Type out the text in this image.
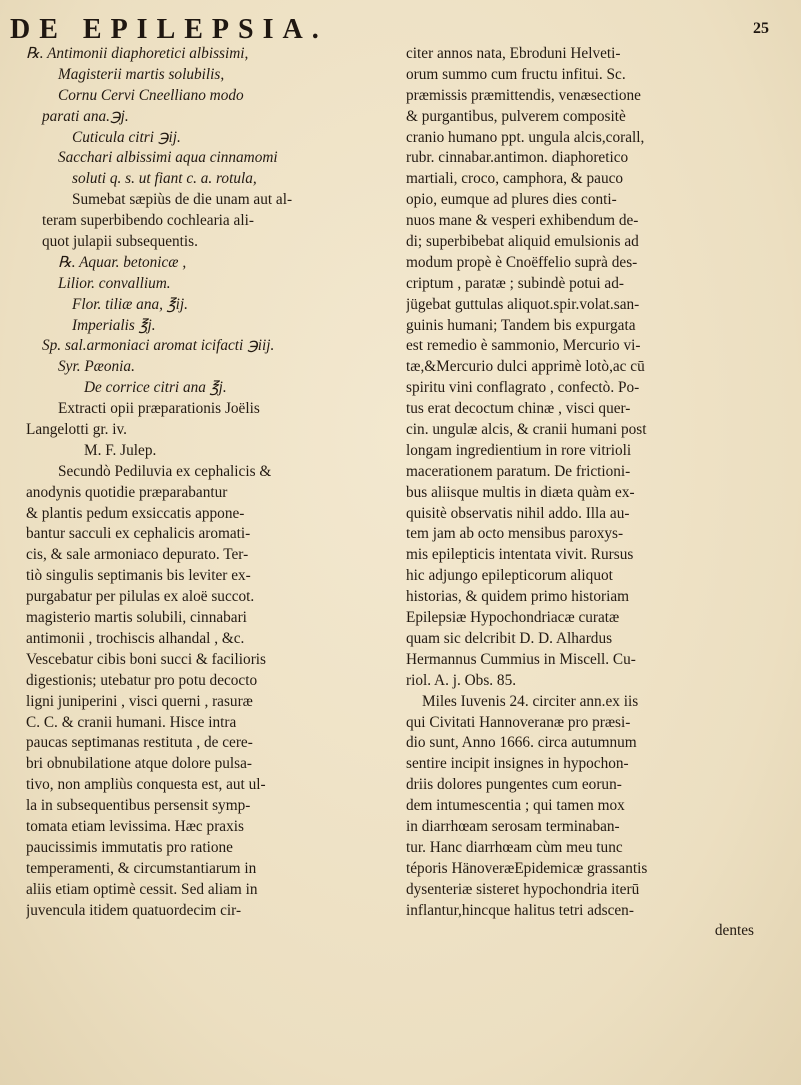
DE EPILEPSIA.	25
℞. Antimonii diaphoretici albissimi,
Magisterii martis solubilis,
Cornu Cervi Cneelliano modo
parati ana.℈j.
Cuticula citri ℈ij.
Sacchari albissimi aqua cinnamomi
soluti q. s. ut fiant c. a. rotula,
Sumebat sæpiùs de die unam aut al-
teram superbibendo cochlearia ali-
quot julapii subsequentis.
℞. Aquar. betonicæ ,
Lilior. convallium.
Flor. tiliæ ana, ℥ij.
Imperialis ℥j.
Sp. sal.armoniaci aromat icifacti ℈iij.
Syr. Pæonia.
De corrice citri ana ℥j.
Extracti opii præparationis Joëlis
Langelotti gr. iv.
M. F. Julep.
Secundò Pediluvia ex cephalicis &
anodynis quotidie præparabantur
& plantis pedum exsiccatis appone-
bantur sacculi ex cephalicis aromati-
cis, & sale armoniaco depurato. Ter-
tiò singulis septimanis bis leviter ex-
purgabatur per pilulas ex aloë succot.
magisterio martis solubili, cinnabari
antimonii , trochiscis alhandal , &c.
Vescebatur cibis boni succi & facilioris
digestionis; utebatur pro potu decocto
ligni juniperini , visci querni , rasuræ
C. C. & cranii humani. Hisce intra
paucas septimanas restituta , de cere-
bri obnubilatione atque dolore pulsa-
tivo, non ampliùs conquesta est, aut ul-
la in subsequentibus persensit symp-
tomata etiam levissima. Hæc praxis
paucissimis immutatis pro ratione
temperamenti, & circumstantiarum in
aliis etiam optimè cessit. Sed aliam in
juvencula itidem quatuordecim cir-
citer annos nata, Ebroduni Helveti-
orum summo cum fructu infitui. Sc.
præmissis præmittendis, venæsectione
& purgantibus, pulverem compositè
cranio humano ppt. ungula alcis,corall,
rubr. cinnabar.antimon. diaphoretico
martiali, croco, camphora, & pauco
opio, eumque ad plures dies conti-
nuos mane & vesperi exhibendum de-
di; superbibebat aliquid emulsionis ad
modum propè è Cnoëffelio suprà des-
criptum , paratæ ; subindè potui ad-
jügebat guttulas aliquot.spir.volat.san-
guinis humani; Tandem bis expurgata
est remedio è sammonio, Mercurio vi-
tæ,&Mercurio dulci apprimè lotò,ac cū
spiritu vini conflagrato , confectò. Po-
tus erat decoctum chinæ , visci quer-
cin. ungulæ alcis, & cranii humani post
longam ingredientium in rore vitrioli
macerationem paratum. De frictioni-
bus aliisque multis in diæta quàm ex-
quisitè observatis nihil addo. Illa au-
tem jam ab octo mensibus paroxys-
mis epilepticis intentata vivit. Rursus
hic adjungo epilepticorum aliquot
historias, & quidem primo historiam
Epilepsiæ Hypochondriacæ curatæ
quam sic delcribit D. D. Alhardus
Hermannus Cummius in Miscell. Cu-
riol. A. j. Obs. 85.
Miles Iuvenis 24. circiter ann.ex iis
qui Civitati Hannoveranæ pro præsi-
dio sunt, Anno 1666. circa autumnum
sentire incipit insignes in hypochon-
driis dolores pungentes cum eorun-
dem intumescentia ; qui tamen mox
in diarrhœam serosam terminaban-
tur. Hanc diarrhœam cùm meu tunc
téporis HänoveræEpidemicæ grassantis
dysenteriæ sisteret hypochondria iterū
inflantur,hincque halitus tetri adscen-
dentes
